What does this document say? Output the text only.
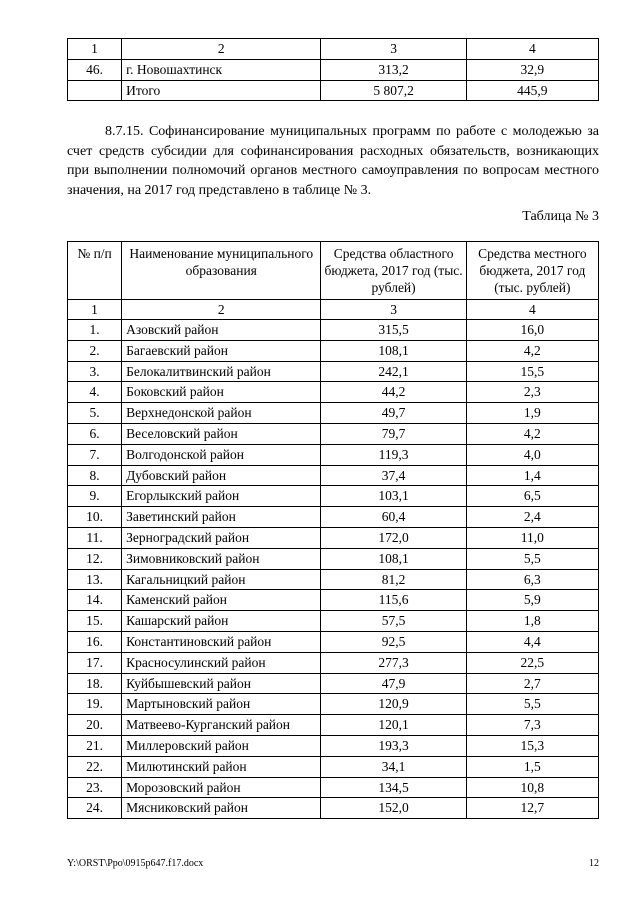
1	2	3	4
46.	г. Новошахтинск	313,2	32,9
	Итого	5 807,2	445,9

8.7.15. Софинансирование муниципальных программ по работе с молодежью за счет средств субсидии для софинансирования расходных обязательств, возникающих при выполнении полномочий органов местного самоуправления по вопросам местного значения, на 2017 год представлено в таблице № 3.

Таблица № 3
№ п/п	Наименование муниципального образования	Средства областного бюджета, 2017 год (тыс. рублей)	Средства местного бюджета, 2017 год (тыс. рублей)
1	2	3	4
1.	Азовский район	315,5	16,0
2.	Багаевский район	108,1	4,2
3.	Белокалитвинский район	242,1	15,5
4.	Боковский район	44,2	2,3
5.	Верхнедонской район	49,7	1,9
6.	Веселовский район	79,7	4,2
7.	Волгодонской район	119,3	4,0
8.	Дубовский район	37,4	1,4
9.	Егорлыкский район	103,1	6,5
10.	Заветинский район	60,4	2,4
11.	Зерноградский район	172,0	11,0
12.	Зимовниковский район	108,1	5,5
13.	Кагальницкий район	81,2	6,3
14.	Каменский район	115,6	5,9
15.	Кашарский район	57,5	1,8
16.	Константиновский район	92,5	4,4
17.	Красносулинский район	277,3	22,5
18.	Куйбышевский район	47,9	2,7
19.	Мартыновский район	120,9	5,5
20.	Матвеево-Курганский район	120,1	7,3
21.	Миллеровский район	193,3	15,3
22.	Милютинский район	34,1	1,5
23.	Морозовский район	134,5	10,8
24.	Мясниковский район	152,0	12,7
Y:\ORST\Ppo\0915p647.f17.docx	12
